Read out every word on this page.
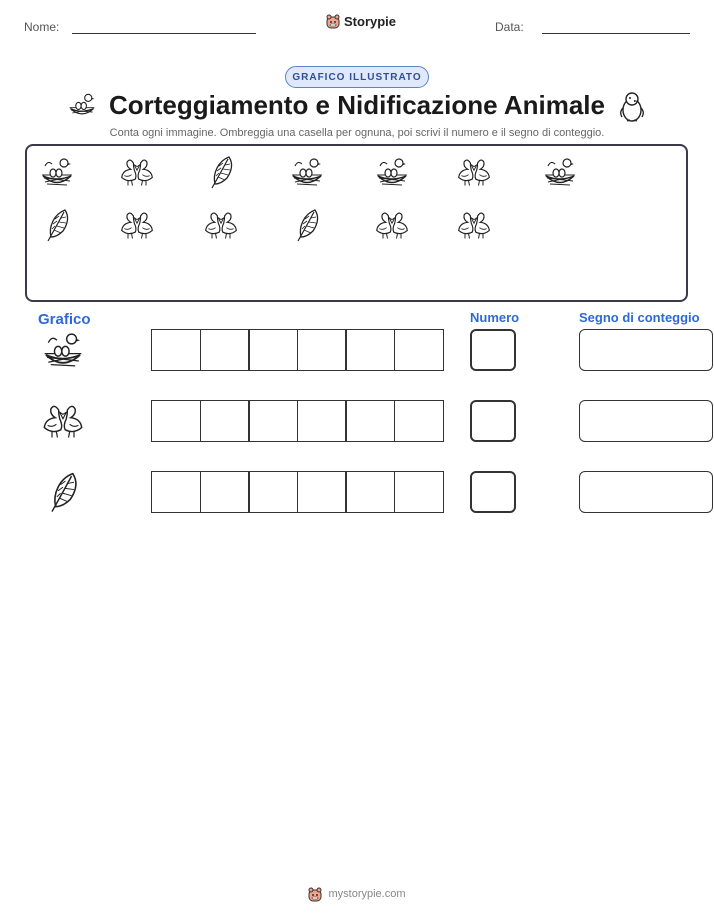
Nome:	Storypie	Data:
GRAFICO ILLUSTRATO
Corteggiamento e Nidificazione Animale
Conta ogni immagine. Ombreggia una casella per ognuna, poi scrivi il numero e il segno di conteggio.
Grafico	Numero	Segno di conteggio
mystorypie.com
